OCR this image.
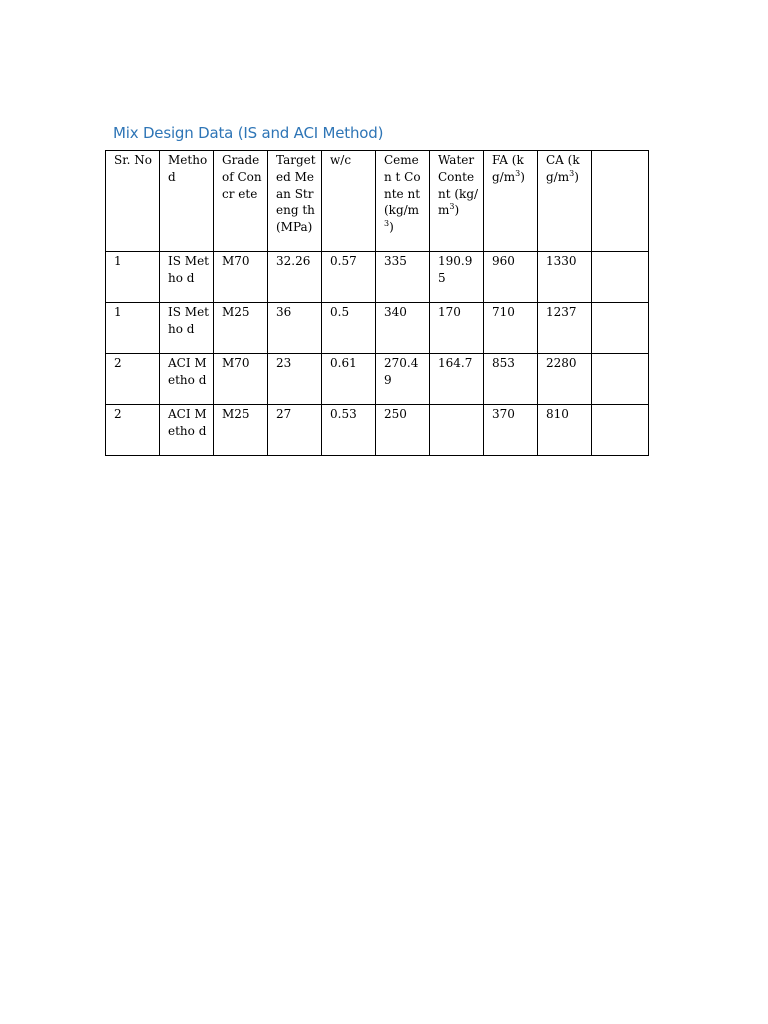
Mix Design Data (IS and ACI Method)
Sr. No	Metho d	Grade of Concr ete	Target ed Mean Streng th (MPa)	w/c	Cemen t Conte nt $(kg/m^3)$	Water Conte nt $(kg/m^3)$	FA $(kg/m^3)$	CA $(kg/m^3)$	
1	IS Metho d	M70	32.26	0.57	335	190.9 5	960	1330	
1	IS Metho d	M25	36	0.5	340	170	710	1237	
2	ACI Metho d	M70	23	0.61	270.4 9	164.7	853	2280	
2	ACI Metho d	M25	27	0.53	250		370	810	
